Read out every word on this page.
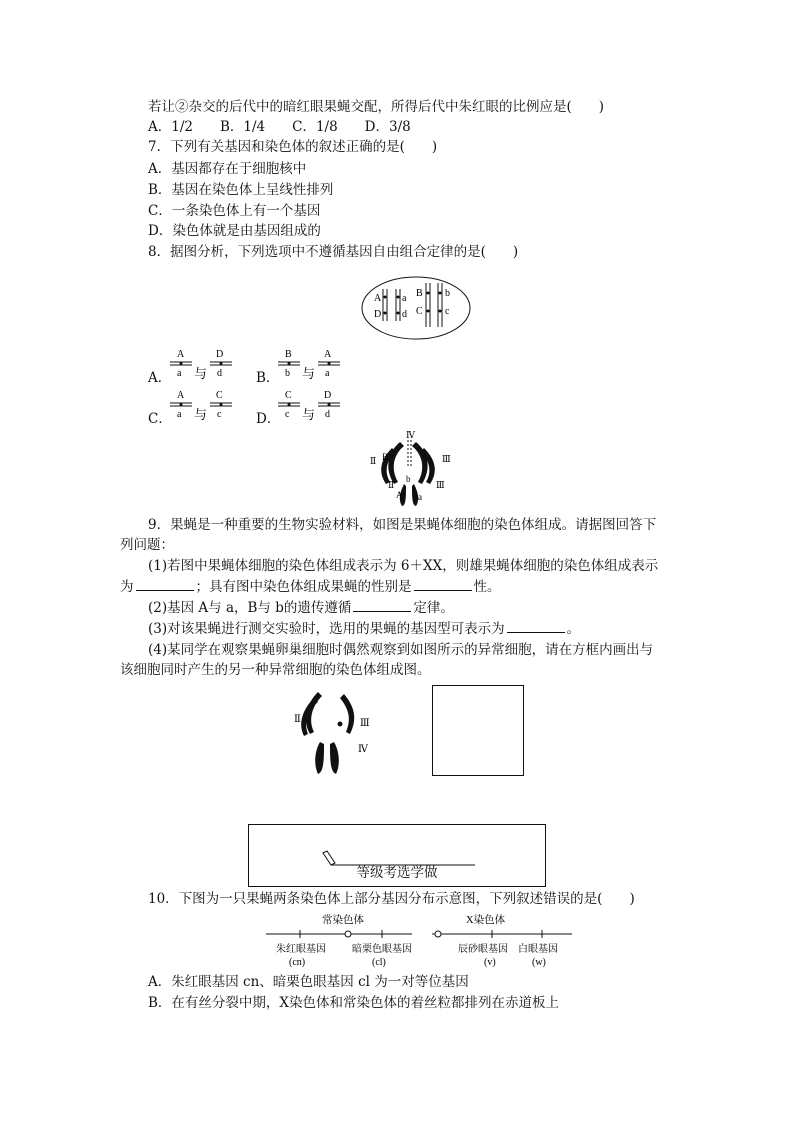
若让②杂交的后代中的暗红眼果蝇交配，所得后代中朱红眼的比例应是(　　)
A．1/2　　B．1/4　　C．1/8　　D．3/8
7．下列有关基因和染色体的叙述正确的是(　　)
A．基因都存在于细胞核中
B．基因在染色体上呈线性排列
C．一条染色体上有一个基因
D．染色体就是由基因组成的
8．据图分析，下列选项中不遵循基因自由组合定律的是(　　)
A a
D d
B b
C c
A．
A
a 与
D
d	B．
B
b 与
A
a
C．
A
a 与
C
c	D．
C
c 与
D
d
Ⅳ
Ⅱ B	Ⅲ
Ⅱ
b
Ⅲ
A a
9．果蝇是一种重要的生物实验材料，如图是果蝇体细胞的染色体组成。请据图回答下
列问题：
(1)若图中果蝇体细胞的染色体组成表示为 6＋XX，则雄果蝇体细胞的染色体组成表示
为	；具有图中染色体组成果蝇的性别是	性。
(2)基因 A与 a，B与 b的遗传遵循	定律。
(3)对该果蝇进行测交实验时，选用的果蝇的基因型可表示为	。
(4)某同学在观察果蝇卵巢细胞时偶然观察到如图所示的异常细胞，请在方框内画出与
该细胞同时产生的另一种异常细胞的染色体组成图。
Ⅱ	Ⅲ
Ⅳ
等级考选学做
10．下图为一只果蝇两条染色体上部分基因分布示意图，下列叙述错误的是(　　)
常染色体	X染色体
朱红眼基因
(cn)
暗栗色眼基因
(cl)
辰砂眼基因
(v)
白眼基因
(w)
A．朱红眼基因 cn、暗栗色眼基因 cl 为一对等位基因
B．在有丝分裂中期，X染色体和常染色体的着丝粒都排列在赤道板上
